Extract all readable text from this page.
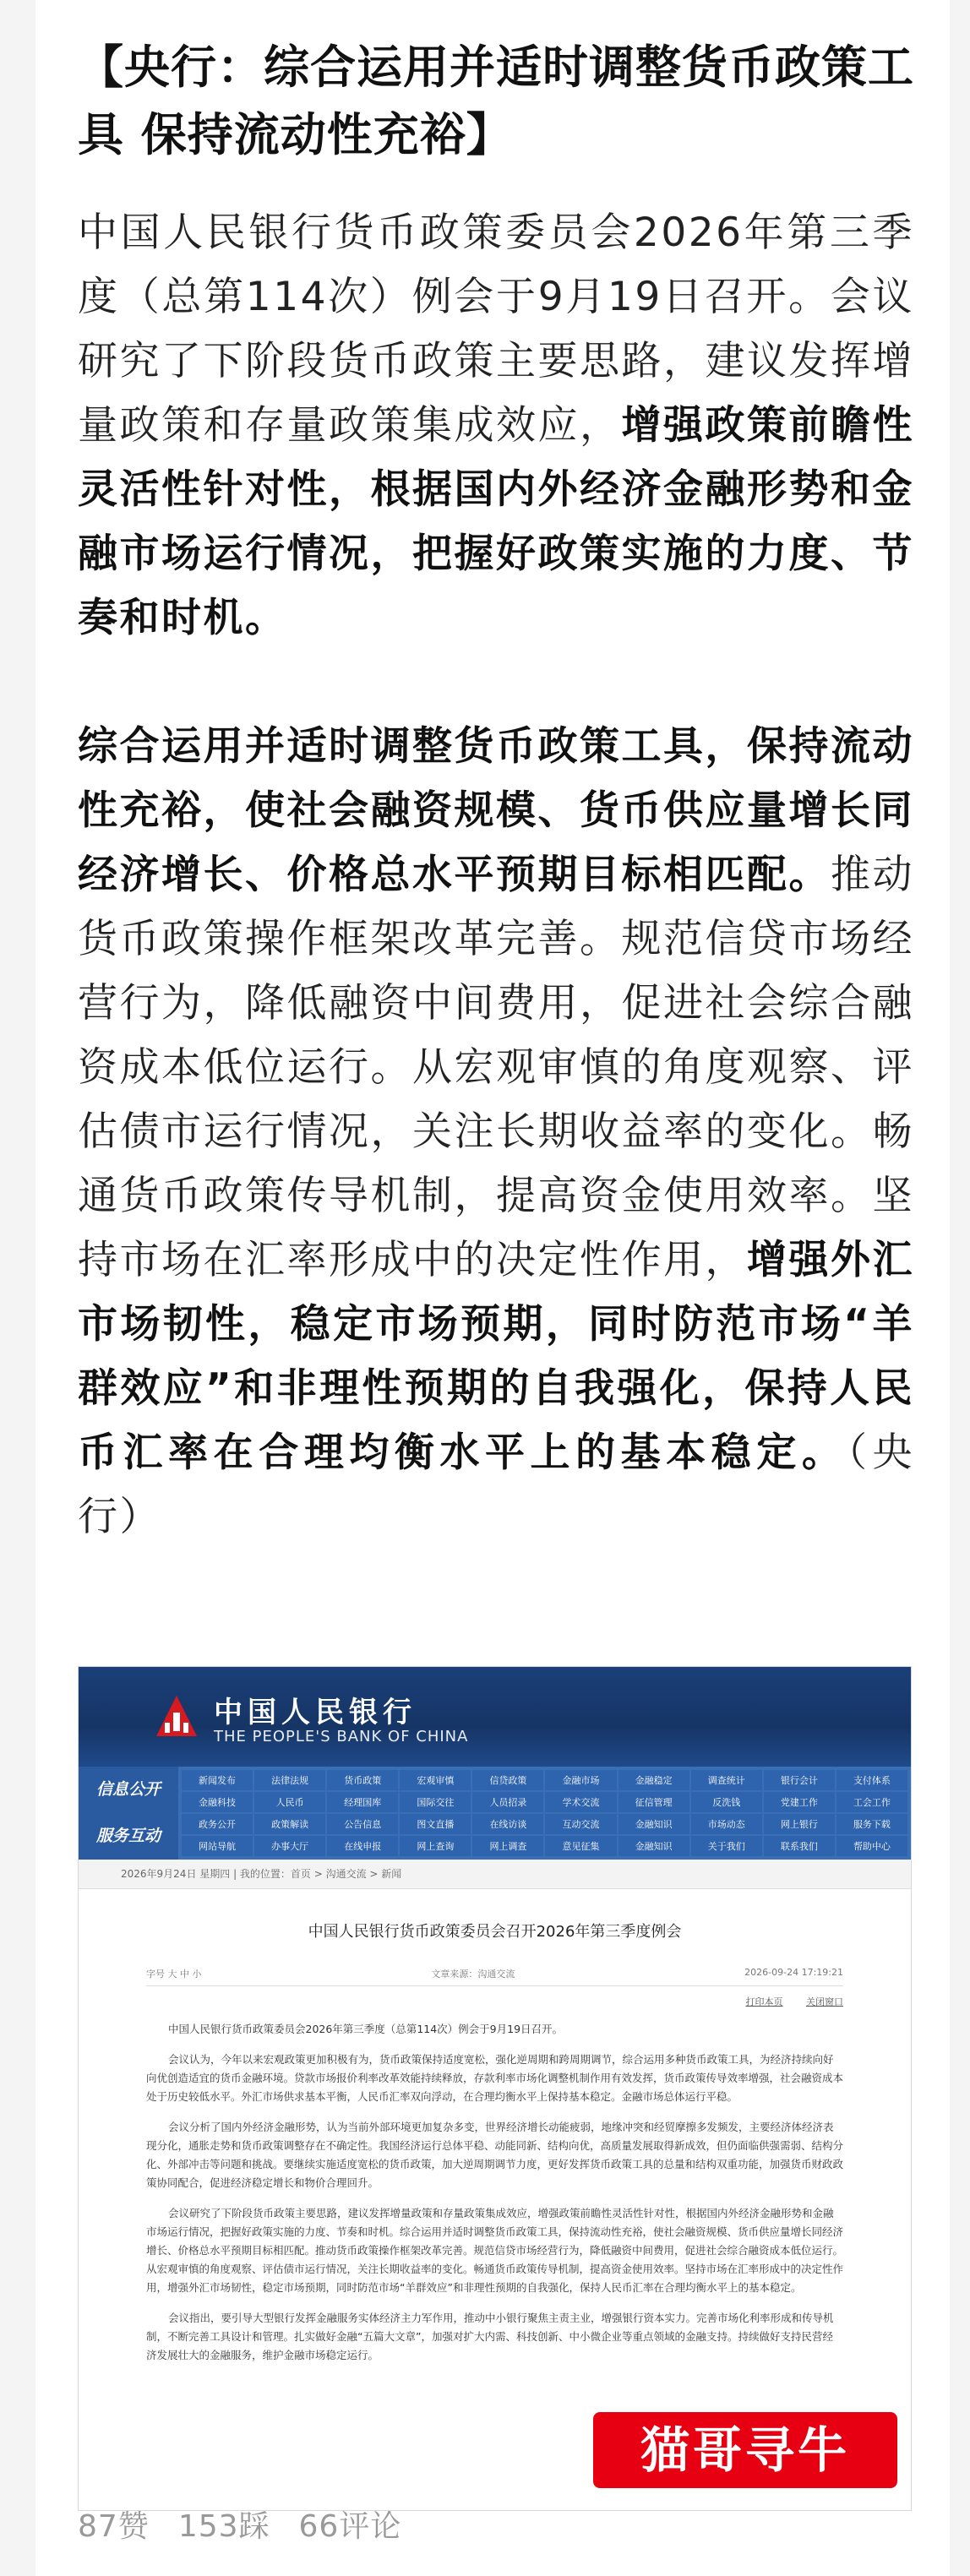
【央行：综合运用并适时调整货币政策工具 保持流动性充裕】
中国人民银行货币政策委员会2026年第三季度（总第114次）例会于9月19日召开。会议研究了下阶段货币政策主要思路，建议发挥增量政策和存量政策集成效应，增强政策前瞻性灵活性针对性，根据国内外经济金融形势和金融市场运行情况，把握好政策实施的力度、节奏和时机。
综合运用并适时调整货币政策工具，保持流动性充裕，使社会融资规模、货币供应量增长同经济增长、价格总水平预期目标相匹配。推动货币政策操作框架改革完善。规范信贷市场经营行为，降低融资中间费用，促进社会综合融资成本低位运行。从宏观审慎的角度观察、评估债市运行情况，关注长期收益率的变化。畅通货币政策传导机制，提高资金使用效率。坚持市场在汇率形成中的决定性作用，增强外汇市场韧性，稳定市场预期，同时防范市场“羊群效应”和非理性预期的自我强化，保持人民币汇率在合理均衡水平上的基本稳定。（央行）
中国人民银行
THE PEOPLE'S BANK OF CHINA
信息公开
服务互动
新闻发布	法律法规	货币政策	宏观审慎	信贷政策	金融市场	金融稳定	调查统计	银行会计	支付体系
金融科技	人民币	经理国库	国际交往	人员招录	学术交流	征信管理	反洗钱	党建工作	工会工作
政务公开	政策解读	公告信息	图文直播	在线访谈	互动交流	金融知识	市场动态	网上银行	服务下载
网站导航	办事大厅	在线申报	网上查询	网上调查	意见征集	金融知识	关于我们	联系我们	帮助中心
2026年9月24日 星期四 | 我的位置：首页 > 沟通交流 > 新闻
中国人民银行货币政策委员会召开2026年第三季度例会
字号 大 中 小	文章来源：沟通交流	2026-09-24 17:19:21
打印本页	关闭窗口

中国人民银行货币政策委员会2026年第三季度（总第114次）例会于9月19日召开。

会议认为，今年以来宏观政策更加积极有为，货币政策保持适度宽松，强化逆周期和跨周期调节，综合运用多种货币政策工具，为经济持续向好向优创造适宜的货币金融环境。贷款市场报价利率改革效能持续释放，存款利率市场化调整机制作用有效发挥，货币政策传导效率增强，社会融资成本处于历史较低水平。外汇市场供求基本平衡，人民币汇率双向浮动，在合理均衡水平上保持基本稳定。金融市场总体运行平稳。

会议分析了国内外经济金融形势，认为当前外部环境更加复杂多变，世界经济增长动能疲弱，地缘冲突和经贸摩擦多发频发，主要经济体经济表现分化，通胀走势和货币政策调整存在不确定性。我国经济运行总体平稳、动能同新、结构向优，高质量发展取得新成效，但仍面临供强需弱、结构分化、外部冲击等问题和挑战。要继续实施适度宽松的货币政策，加大逆周期调节力度，更好发挥货币政策工具的总量和结构双重功能，加强货币财政政策协同配合，促进经济稳定增长和物价合理回升。

会议研究了下阶段货币政策主要思路，建议发挥增量政策和存量政策集成效应，增强政策前瞻性灵活性针对性，根据国内外经济金融形势和金融市场运行情况，把握好政策实施的力度、节奏和时机。综合运用并适时调整货币政策工具，保持流动性充裕，使社会融资规模、货币供应量增长同经济增长、价格总水平预期目标相匹配。推动货币政策操作框架改革完善。规范信贷市场经营行为，降低融资中间费用，促进社会综合融资成本低位运行。从宏观审慎的角度观察、评估债市运行情况，关注长期收益率的变化。畅通货币政策传导机制，提高资金使用效率。坚持市场在汇率形成中的决定性作用，增强外汇市场韧性，稳定市场预期，同时防范市场“羊群效应”和非理性预期的自我强化，保持人民币汇率在合理均衡水平上的基本稳定。

会议指出，要引导大型银行发挥金融服务实体经济主力军作用，推动中小银行聚焦主责主业，增强银行资本实力。完善市场化利率形成和传导机制，不断完善工具设计和管理。扎实做好金融“五篇大文章”，加强对扩大内需、科技创新、中小微企业等重点领域的金融支持。持续做好支持民营经济发展壮大的金融服务，维护金融市场稳定运行。

猫哥寻牛
87赞 153踩 66评论
